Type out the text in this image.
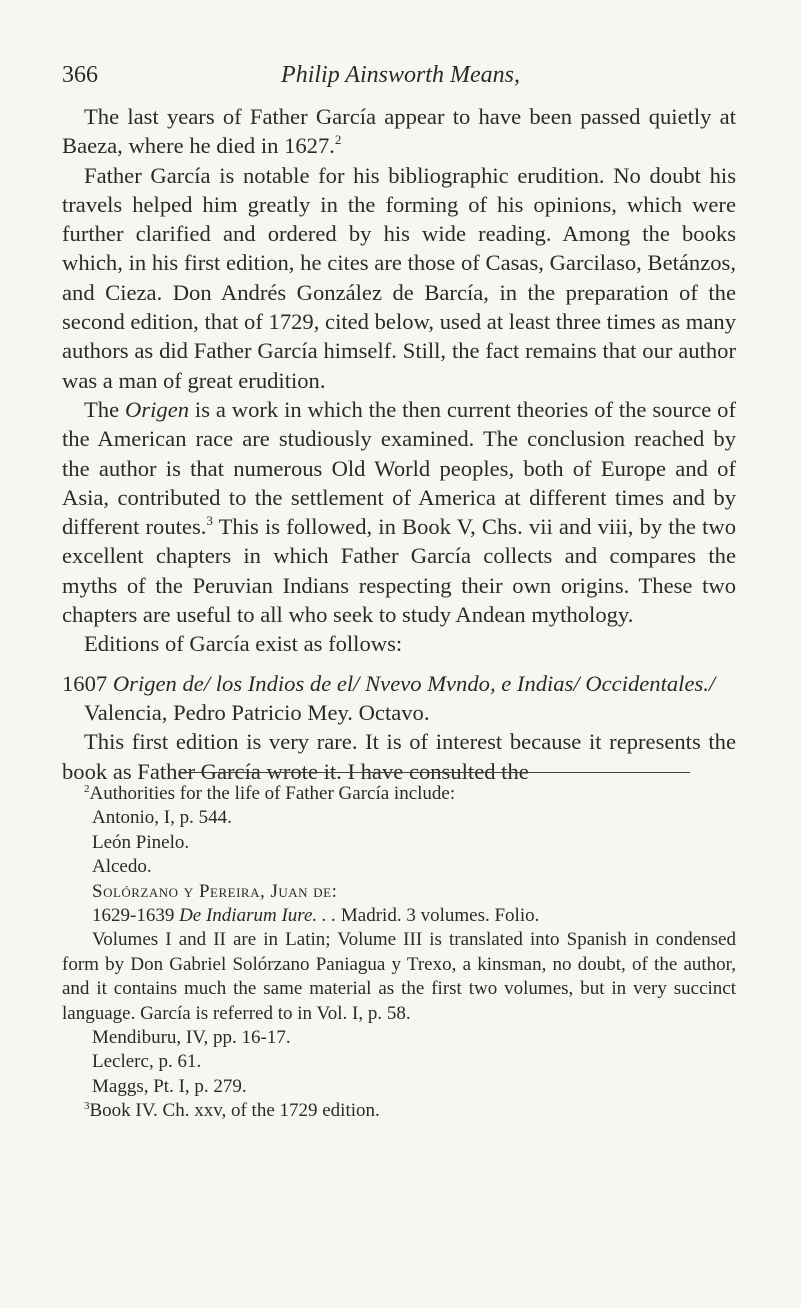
366	Philip Ainsworth Means,

The last years of Father García appear to have been passed quietly at Baeza, where he died in 1627.$^2$

Father García is notable for his bibliographic erudition. No doubt his travels helped him greatly in the forming of his opinions, which were further clarified and ordered by his wide reading. Among the books which, in his first edition, he cites are those of Casas, Garcilaso, Betánzos, and Cieza. Don Andrés González de Barcía, in the preparation of the second edition, that of 1729, cited below, used at least three times as many authors as did Father García himself. Still, the fact remains that our author was a man of great erudition.

The Origen is a work in which the then current theories of the source of the American race are studiously examined. The conclusion reached by the author is that numerous Old World peoples, both of Europe and of Asia, contributed to the settlement of America at different times and by different routes.$^3$ This is followed, in Book V, Chs. vii and viii, by the two excellent chapters in which Father García collects and compares the myths of the Peruvian Indians respecting their own origins. These two chapters are useful to all who seek to study Andean mythology.

Editions of García exist as follows:

1607 Origen de/ los Indios de el/ Nvevo Mvndo, e Indias/ Occidentales./

Valencia, Pedro Patricio Mey. Octavo.

This first edition is very rare. It is of interest because it represents the book as Father García wrote it. I have consulted the

$^2$Authorities for the life of Father García include:

Antonio, I, p. 544.

León Pinelo.

Alcedo.

Solórzano y Pereira, Juan de:

1629-1639 De Indiarum Iure. . . Madrid. 3 volumes. Folio.

Volumes I and II are in Latin; Volume III is translated into Spanish in condensed form by Don Gabriel Solórzano Paniagua y Trexo, a kinsman, no doubt, of the author, and it contains much the same material as the first two volumes, but in very succinct language. García is referred to in Vol. I, p. 58.

Mendiburu, IV, pp. 16-17.

Leclerc, p. 61.

Maggs, Pt. I, p. 279.

$^3$Book IV. Ch. xxv, of the 1729 edition.
